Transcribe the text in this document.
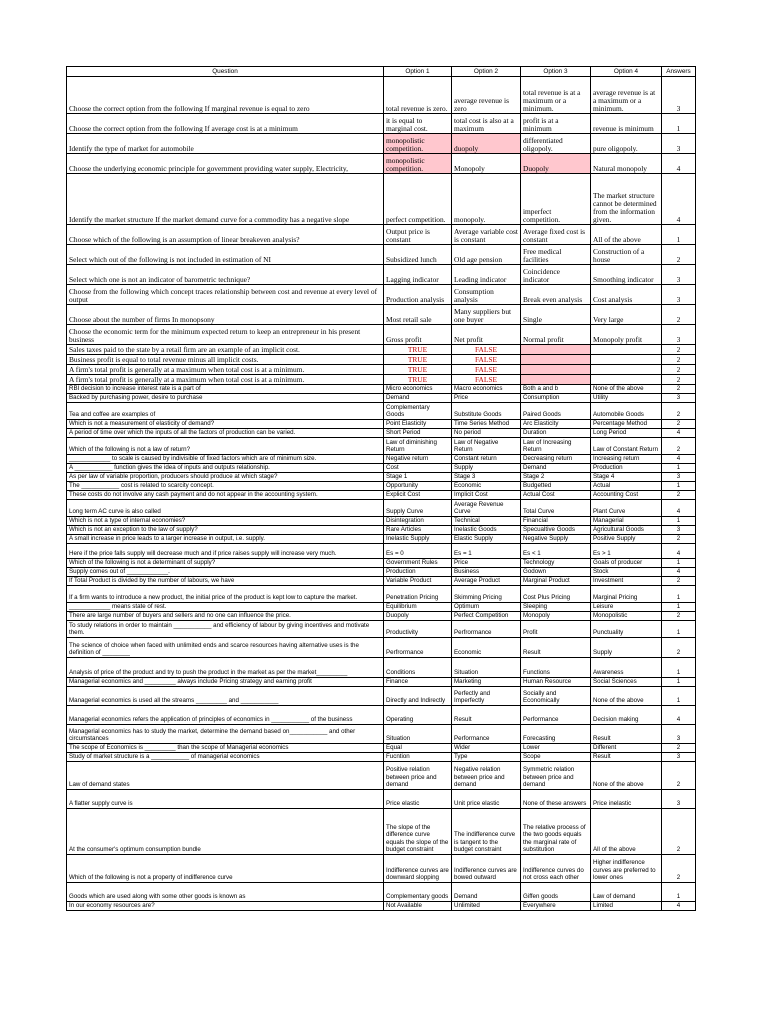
Question	Option 1	Option 2	Option 3	Option 4	Answers
Choose the correct option from the following If marginal revenue is equal to zero	total revenue is zero.	average revenue is zero	total revenue is at a maximum or a minimum.	average revenue is at a maximum or a minimum.	3
Choose the correct option from the following If average cost is at a minimum	it is equal to marginal cost.	total cost is also at a maximum	profit is at a minimum	revenue is minimum	1
Identify the type of market for automobile	monopolistic competition.	duopoly	differentiated oligopoly.	pure oligopoly.	3
Choose the underlying economic principle for government providing water supply, Electricity,	monopolistic competition.	Monopoly	Duopoly	Natural monopoly	4
Identify the market structure If the market demand curve for a commodity has a negative slope	perfect competition.	monopoly.	imperfect competition.	The market structure cannot be determined from the information given.	4
Choose which of the following is an assumption of linear breakeven analysis?	Output price is constant	Average variable cost is constant	Average fixed cost is constant	All of the above	1
Select which out of the following is not included in estimation of NI	Subsidized lunch	Old age pension	Free medical facilities	Construction of a house	2
Select which one is not an indicator of barometric technique?	Lagging indicator	Leading indicator	Coincidence indicator	Smoothing indicator	3
Choose from the following which concept traces relationship between cost and revenue at every level of output	Production analysis	Consumption analysis	Break even analysis	Cost analysis	3
Choose about the number of firms In monopsony	Most retail sale	Many suppliers but one buyer	Single	Very large	2
Choose the economic term for the minimum expected return to keep an entrepreneur in his present business	Gross profit	Net profit	Normal profit	Monopoly profit	3
Sales taxes paid to the state by a retail firm are an example of an implicit cost.	TRUE	FALSE			2
Business profit is equal to total revenue minus all implicit costs.	TRUE	FALSE			2
A firm's total profit is generally at a maximum when total cost is at a minimum.	TRUE	FALSE			2
A firm's total profit is generally at a maximum when total cost is at a minimum.	TRUE	FALSE			2
RBI decision to increase interest rate is a part of	Micro economics	Macro economics	Both a and b	None of the above	2
Backed by purchasing power, desire to purchase	Demand	Price	Consumption	Utility	3
Tea and coffee are examples of	Complementary Goods	Substitute Goods	Paired Goods	Automobile Goods	2
Which is not a measurement of elasticity of demand?	Point Elasticity	Time Series Method	Arc Elasticity	Percentage Method	2
A period of time over which the inputs of all the factors of production can be varied.	Short Period	No period	Duration	Long Period	4
Which of the following is not a law of return?	Law of diminishing Return	Law of Negative Return	Law of Increasing Return	Law of Constant Return	2
____________ to scale is caused by indivisible of fixed factors which are of minimum size.	Negative return	Constant return	Decreasing return	Increasing return	4
A ___________ function gives the idea of inputs and outputs relationship.	Cost	Supply	Demand	Production	1
As per law of variable proportion, producers should produce at which stage?	Stage 1	Stage 3	Stage 2	Stage 4	3
The ___________ cost is related to scarcity concept.	Opportunity	Economic	Budgetted	Actual	1
These costs do not involve any cash payment and do not appear in the accounting system.	Explicit Cost	Implicit Cost	Actual Cost	Accounting Cost	2
Long term AC curve is also called	Supply Curve	Average Revenue Curve	Total Curve	Plant Curve	4
Which is not a type of internal economies?	Disintegration	Technical	Financial	Managerial	1
Which is not an exception to the law of supply?	Rare Articles	Inelastic Goods	Specualtive Goods	Agricultural Goods	3
A small increase in price leads to a larger increase in output, i.e. supply.	Inelastic Supply	Elastic Supply	Negative Supply	Positive Supply	2
Here if the price falls supply will decrease much and if price raises supply will increase very much.	Es = 0	Es = 1	Es < 1	Es > 1	4
Which of the following is not a determinant of supply?	Government Rules	Price	Technology	Goals of producer	1
Supply comes out of ____________.	Production	Business	Godown	Stock	4
If Total Product is divided by the number of labours, we have	Variable Product	Average Product	Marginal Product	Investment	2
If a firm wants to introduce a new product, the initial price of the product is kept low to capture the market.	Penetration Pricing	Skimming Pricing	Cost Plus Pricing	Marginal Pricing	1
____________ means state of rest.	Equilibrium	Optimum	Sleeping	Leisure	1
There are large number of buyers and sellers and no one can influence the price.	Duopoly	Perfect Competition	Monopoly	Monopolistic	2
To study relations in order to maintain ___________ and efficiency of labour by giving incentives and motivate them.	Productivity	Perfrormance	Profit	Punctuality	1
The science of choice when faced with unlimited ends and scarce resources having alternative uses is the definition of ________	Perfrormance	Economic	Result	Supply	2
Analysis of price of the product and try to push the product in the market as per the market_________	Conditions	Situation	Functions	Awareness	1
Managerial economics and _________ always include Pricing strategy and earning profit	Finance	Marketing	Human Resource	Social Sciences	1
Managerial economics is used all the streams _________ and ___________	Directly and Indirectly	Perfectly and Imperfectly	Socially and Economically	None of the above	1
Managerial economics refers the application of principles of economics in ___________ of the business	Operating	Result	Performance	Decision making	4
Managerial economics has to study the market, determine the demand based on___________ and other circumstances	Situation	Performance	Forecasting	Result	3
The scope of Economics is _________ than the scope of Managerial economics	Equal	Wider	Lower	Different	2
Study of market structure is a ___________ of managerial economics	Fucntion	Type	Scope	Result	3
Law of demand states	Positive relation between price and demand	Negative relation between price and demand	Symmetric relation between price and demand	None of the above	2
A flatter supply curve is	Price elastic	Unit price elastic	None of these answers	Price inelastic	3
At the consumer's optimum consumption bundle	The slope of the difference curve equals the slope of the budget constraint	The indifference curve is tangent to the budget constraint	The relative process of the two goods equals the marginal rate of substitution	All of the above	2
Which of the following is not a property of indifference curve	Indifference curves are downward slopping	Indifference curves are bowed outward	Indifference curves do not cross each other	Higher indifference curves are preferred to lower ones	2
Goods which are used along with some other goods is known as	Complementary goods	Demand	Giffen goods	Law of demand	1
In our economy resources are?	Not Available	Unlimited	Everywhere	Limited	4
